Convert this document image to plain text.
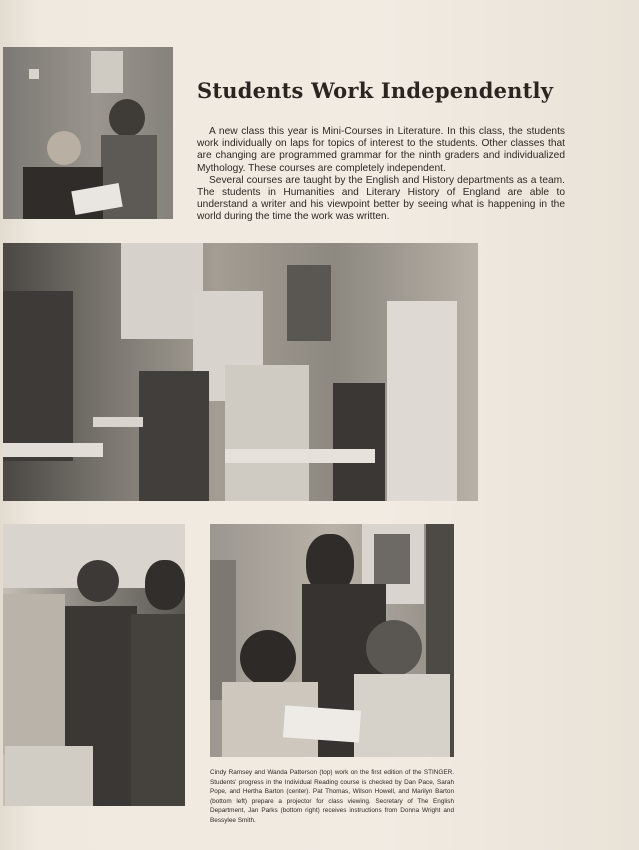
Students Work Independently

A new class this year is Mini-Courses in Literature. In this class, the students work individually on laps for topics of interest to the students. Other classes that are changing are programmed grammar for the ninth graders and individualized Mythology. These courses are completely independent.

Several courses are taught by the English and History departments as a team. The students in Humanities and Literary History of England are able to understand a writer and his viewpoint better by seeing what is happening in the world during the time the work was written.

Cindy Ramsey and Wanda Patterson (top) work on the first edition of the STINGER. Students' progress in the Individual Reading course is checked by Dan Pace, Sarah Pope, and Hertha Barton (center). Pat Thomas, Wilson Howell, and Marilyn Barton (bottom left) prepare a projector for class viewing. Secretary of The English Department, Jan Parks (bottom right) receives instructions from Donna Wright and Bessylee Smith.
